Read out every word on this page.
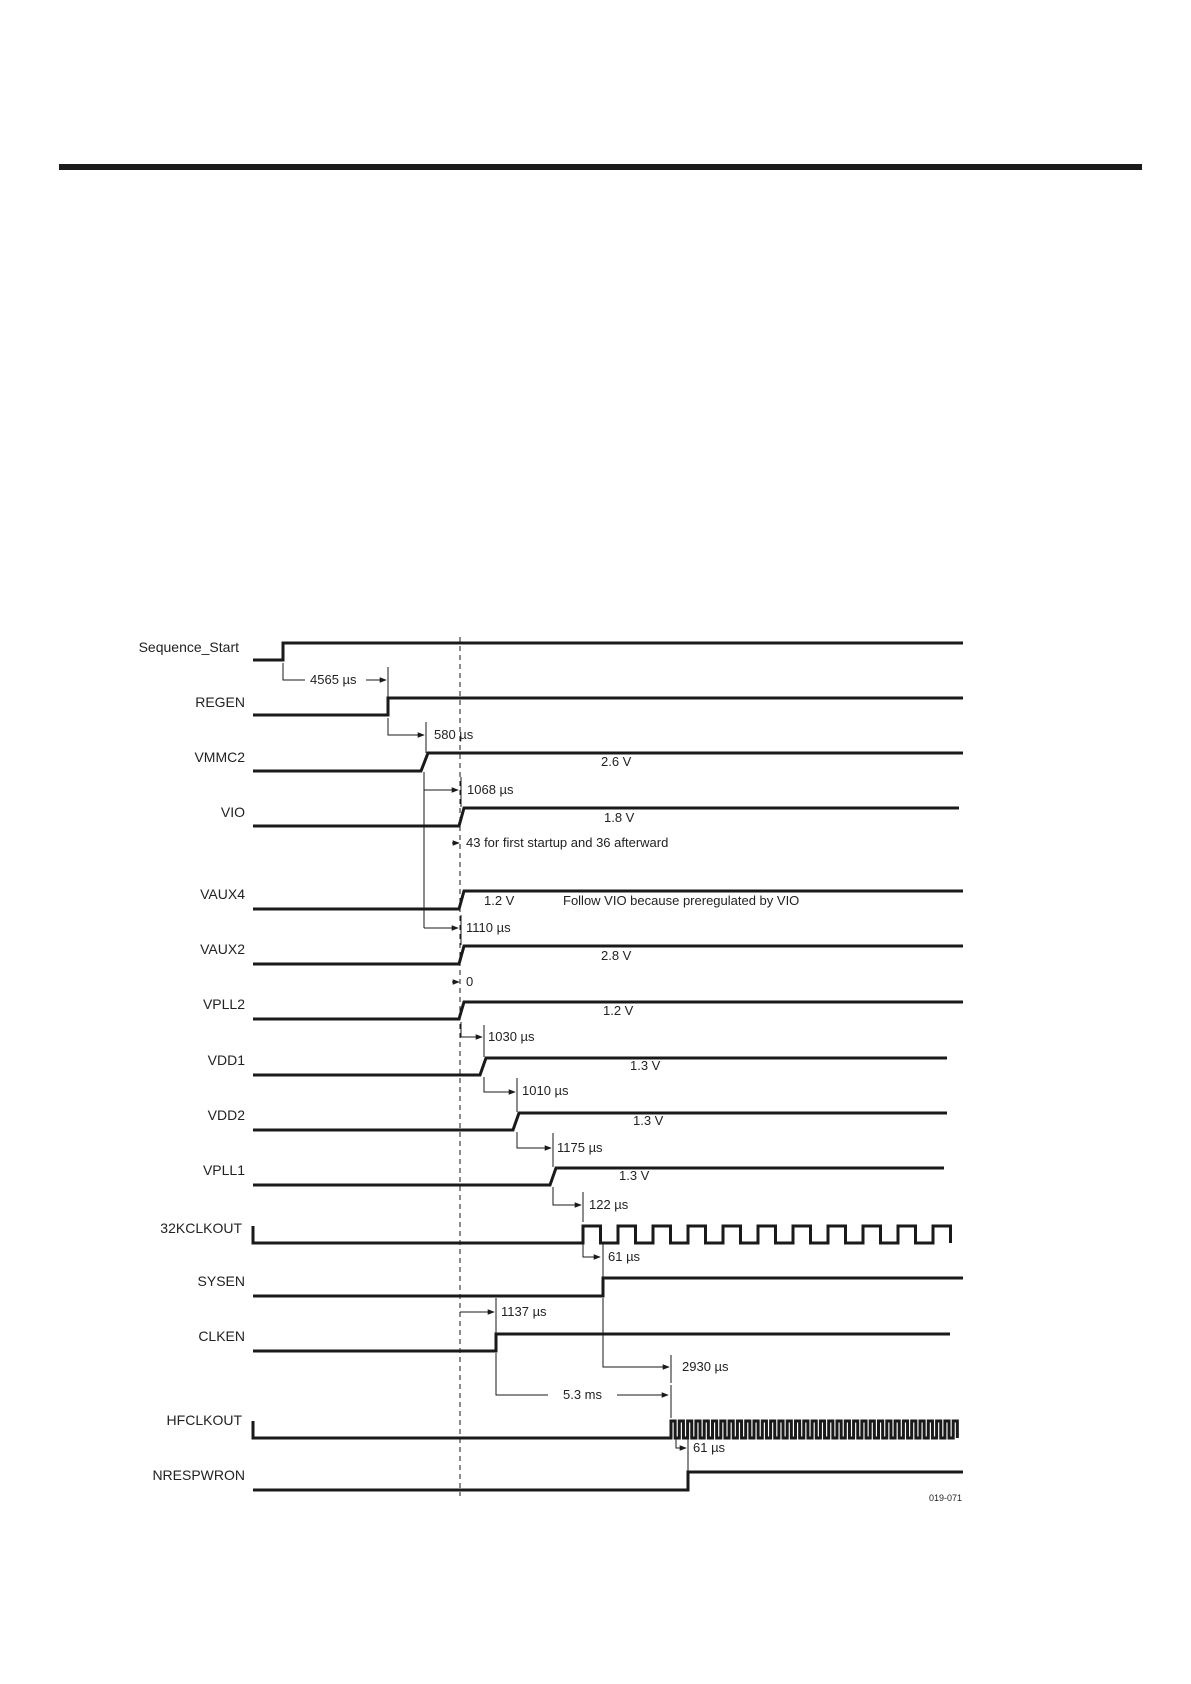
Sequence_Start
REGEN
VMMC2
VIO
VAUX4
VAUX2
VPLL2
VDD1
VDD2
VPLL1
32KCLKOUT
SYSEN
CLKEN
HFCLKOUT
NRESPWRON
4565 µs
580 µs
1068 µs
43 for first startup and 36 afterward
Follow VIO because preregulated by VIO
1110 µs
0
1030 µs
1010 µs
1175 µs
122 µs
61 µs
1137 µs
2930 µs
5.3 ms
61 µs
2.6 V
1.8 V
1.2 V
2.8 V
1.2 V
1.3 V
1.3 V
1.3 V
019-071
